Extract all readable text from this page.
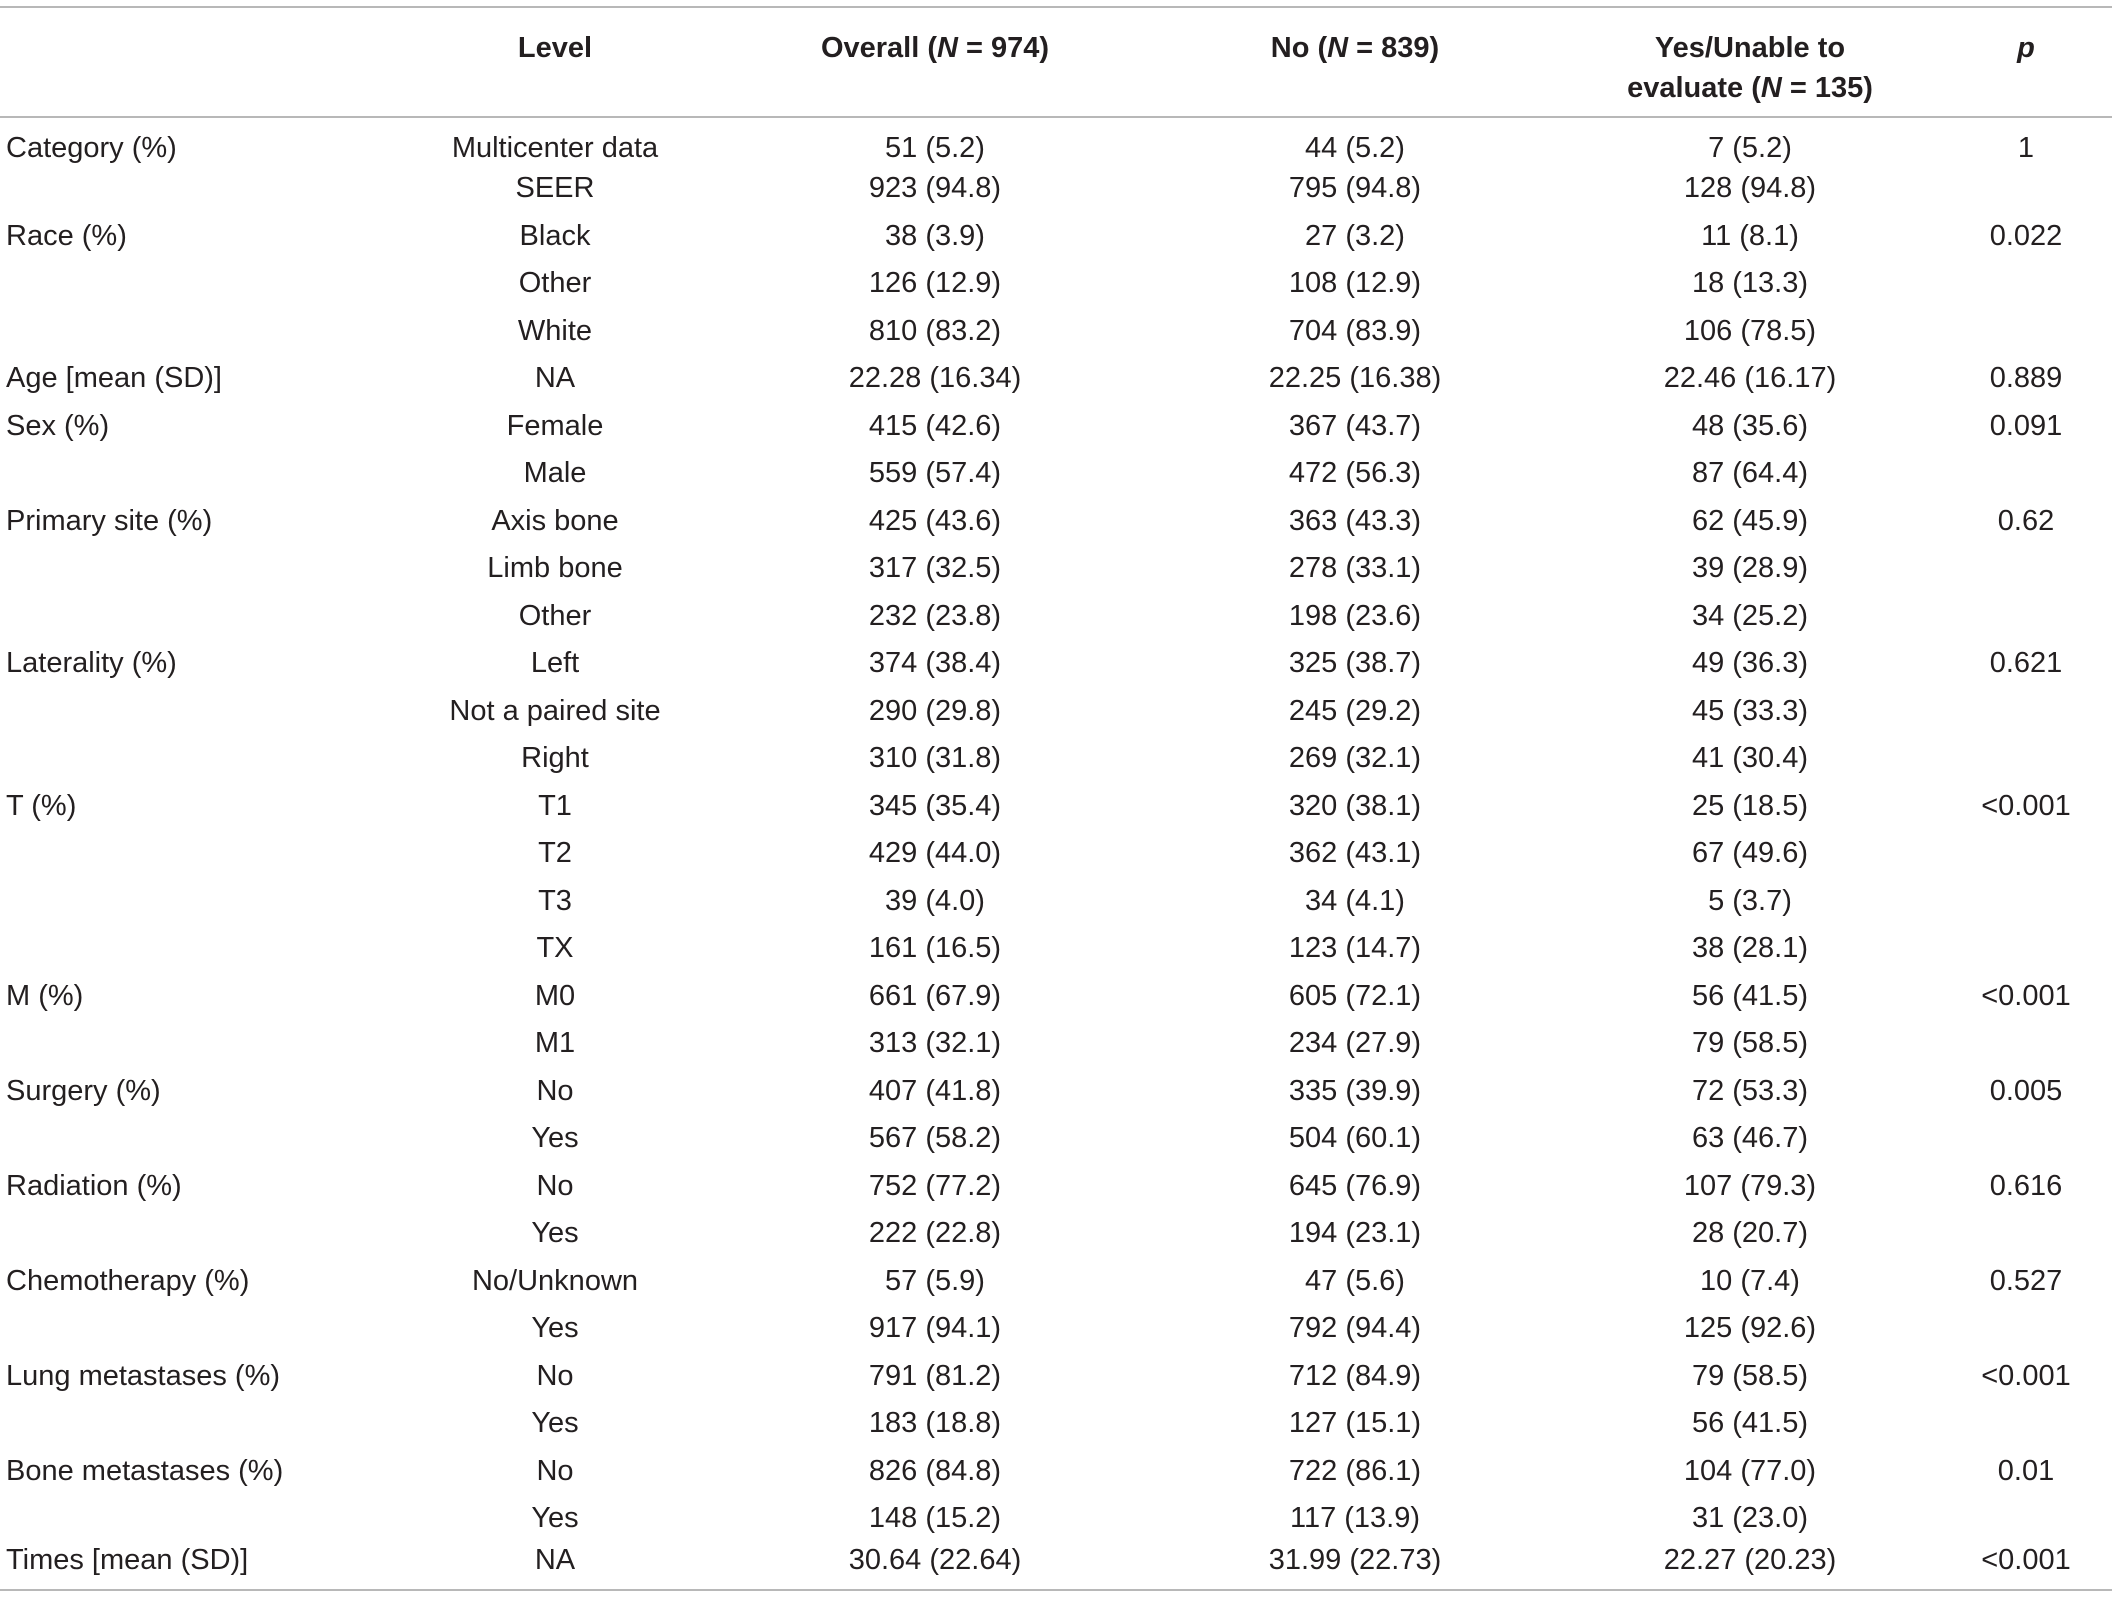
	Level	Overall (N = 974)	No (N = 839)	Yes/Unable to
evaluate (N = 135)	p
Category (%)	Multicenter data	51 (5.2)	44 (5.2)	7 (5.2)	1
	SEER	923 (94.8)	795 (94.8)	128 (94.8)	
Race (%)	Black	38 (3.9)	27 (3.2)	11 (8.1)	0.022
	Other	126 (12.9)	108 (12.9)	18 (13.3)	
	White	810 (83.2)	704 (83.9)	106 (78.5)	
Age [mean (SD)]	NA	22.28 (16.34)	22.25 (16.38)	22.46 (16.17)	0.889
Sex (%)	Female	415 (42.6)	367 (43.7)	48 (35.6)	0.091
	Male	559 (57.4)	472 (56.3)	87 (64.4)	
Primary site (%)	Axis bone	425 (43.6)	363 (43.3)	62 (45.9)	0.62
	Limb bone	317 (32.5)	278 (33.1)	39 (28.9)	
	Other	232 (23.8)	198 (23.6)	34 (25.2)	
Laterality (%)	Left	374 (38.4)	325 (38.7)	49 (36.3)	0.621
	Not a paired site	290 (29.8)	245 (29.2)	45 (33.3)	
	Right	310 (31.8)	269 (32.1)	41 (30.4)	
T (%)	T1	345 (35.4)	320 (38.1)	25 (18.5)	<0.001
	T2	429 (44.0)	362 (43.1)	67 (49.6)	
	T3	39 (4.0)	34 (4.1)	5 (3.7)	
	TX	161 (16.5)	123 (14.7)	38 (28.1)	
M (%)	M0	661 (67.9)	605 (72.1)	56 (41.5)	<0.001
	M1	313 (32.1)	234 (27.9)	79 (58.5)	
Surgery (%)	No	407 (41.8)	335 (39.9)	72 (53.3)	0.005
	Yes	567 (58.2)	504 (60.1)	63 (46.7)	
Radiation (%)	No	752 (77.2)	645 (76.9)	107 (79.3)	0.616
	Yes	222 (22.8)	194 (23.1)	28 (20.7)	
Chemotherapy (%)	No/Unknown	57 (5.9)	47 (5.6)	10 (7.4)	0.527
	Yes	917 (94.1)	792 (94.4)	125 (92.6)	
Lung metastases (%)	No	791 (81.2)	712 (84.9)	79 (58.5)	<0.001
	Yes	183 (18.8)	127 (15.1)	56 (41.5)	
Bone metastases (%)	No	826 (84.8)	722 (86.1)	104 (77.0)	0.01
	Yes	148 (15.2)	117 (13.9)	31 (23.0)	
Times [mean (SD)]	NA	30.64 (22.64)	31.99 (22.73)	22.27 (20.23)	<0.001
